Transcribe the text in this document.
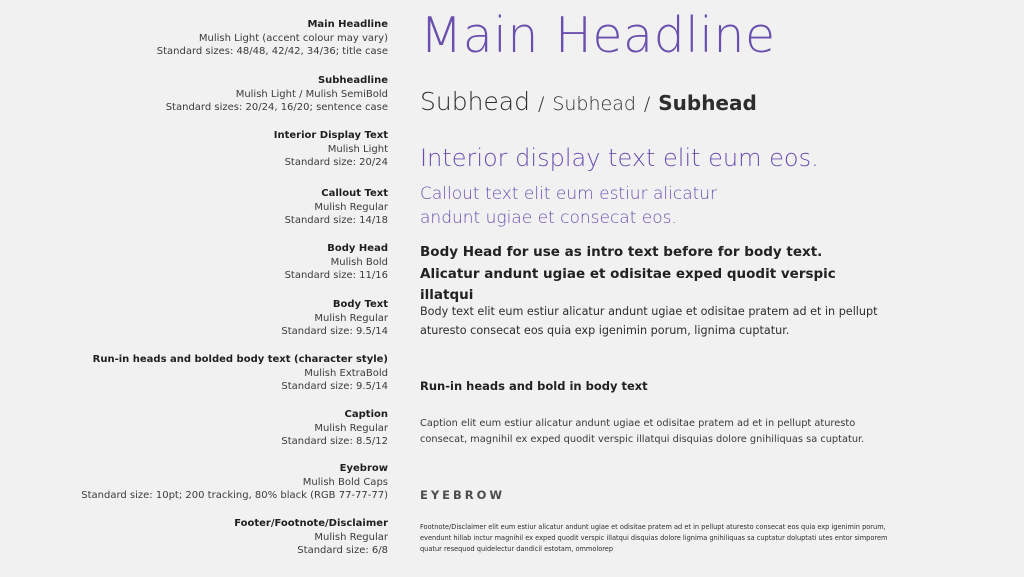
Main Headline
Mulish Light (accent colour may vary)
Standard sizes: 48/48, 42/42, 34/36; title case
Subheadline
Mulish Light / Mulish SemiBold
Standard sizes: 20/24, 16/20; sentence case
Interior Display Text
Mulish Light
Standard size: 20/24
Callout Text
Mulish Regular
Standard size: 14/18
Body Head
Mulish Bold
Standard size: 11/16
Body Text
Mulish Regular
Standard size: 9.5/14
Run-in heads and bolded body text (character style)
Mulish ExtraBold
Standard size: 9.5/14
Caption
Mulish Regular
Standard size: 8.5/12
Eyebrow
Mulish Bold Caps
Standard size: 10pt; 200 tracking, 80% black (RGB 77-77-77)
Footer/Footnote/Disclaimer
Mulish Regular
Standard size: 6/8
Main Headline
Subhead / Subhead / Subhead
Interior display text elit eum eos.
Callout text elit eum estiur alicatur
andunt ugiae et consecat eos.
Body Head for use as intro text before for body text. Alicatur andunt ugiae et odisitae exped quodit verspic illatqui
Body text elit eum estiur alicatur andunt ugiae et odisitae pratem ad et in pellupt aturesto consecat eos quia exp igenimin porum, lignima cuptatur.
Run-in heads and bold in body text
Caption elit eum estiur alicatur andunt ugiae et odisitae pratem ad et in pellupt aturesto consecat, magnihil ex exped quodit verspic illatqui disquias dolore gnihiliquas sa cuptatur.
EYEBROW
Footnote/Disclaimer elit eum estiur alicatur andunt ugiae et odisitae pratem ad et in pellupt aturesto consecat eos quia exp igenimin porum, evendunt hillab inctur magnihil ex exped quodit verspic illatqui disquias dolore lignima gnihiliquas sa cuptatur doluptati utes entor simporem quatur resequod quidelectur dandicil estotam, ommolorep
